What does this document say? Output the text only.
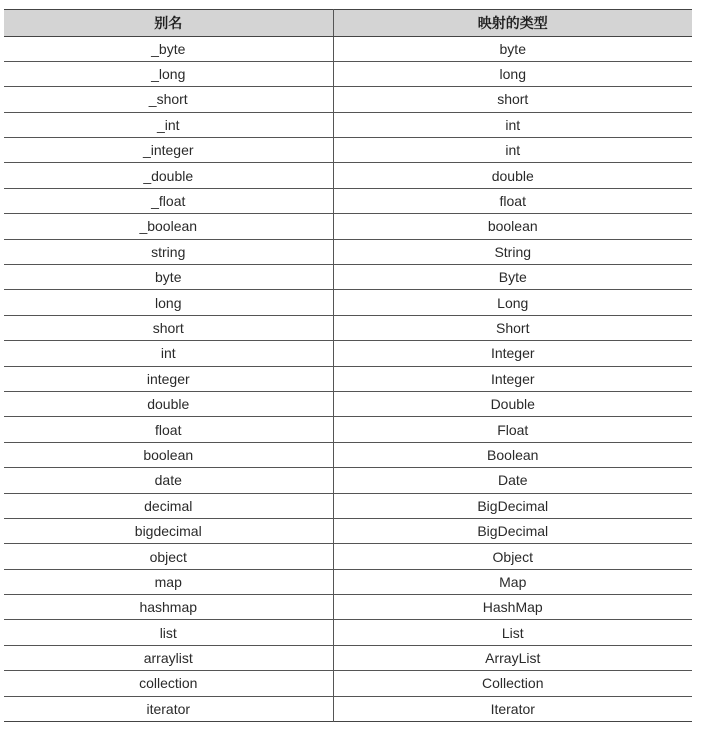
别名	映射的类型
_byte	byte
_long	long
_short	short
_int	int
_integer	int
_double	double
_float	float
_boolean	boolean
string	String
byte	Byte
long	Long
short	Short
int	Integer
integer	Integer
double	Double
float	Float
boolean	Boolean
date	Date
decimal	BigDecimal
bigdecimal	BigDecimal
object	Object
map	Map
hashmap	HashMap
list	List
arraylist	ArrayList
collection	Collection
iterator	Iterator
